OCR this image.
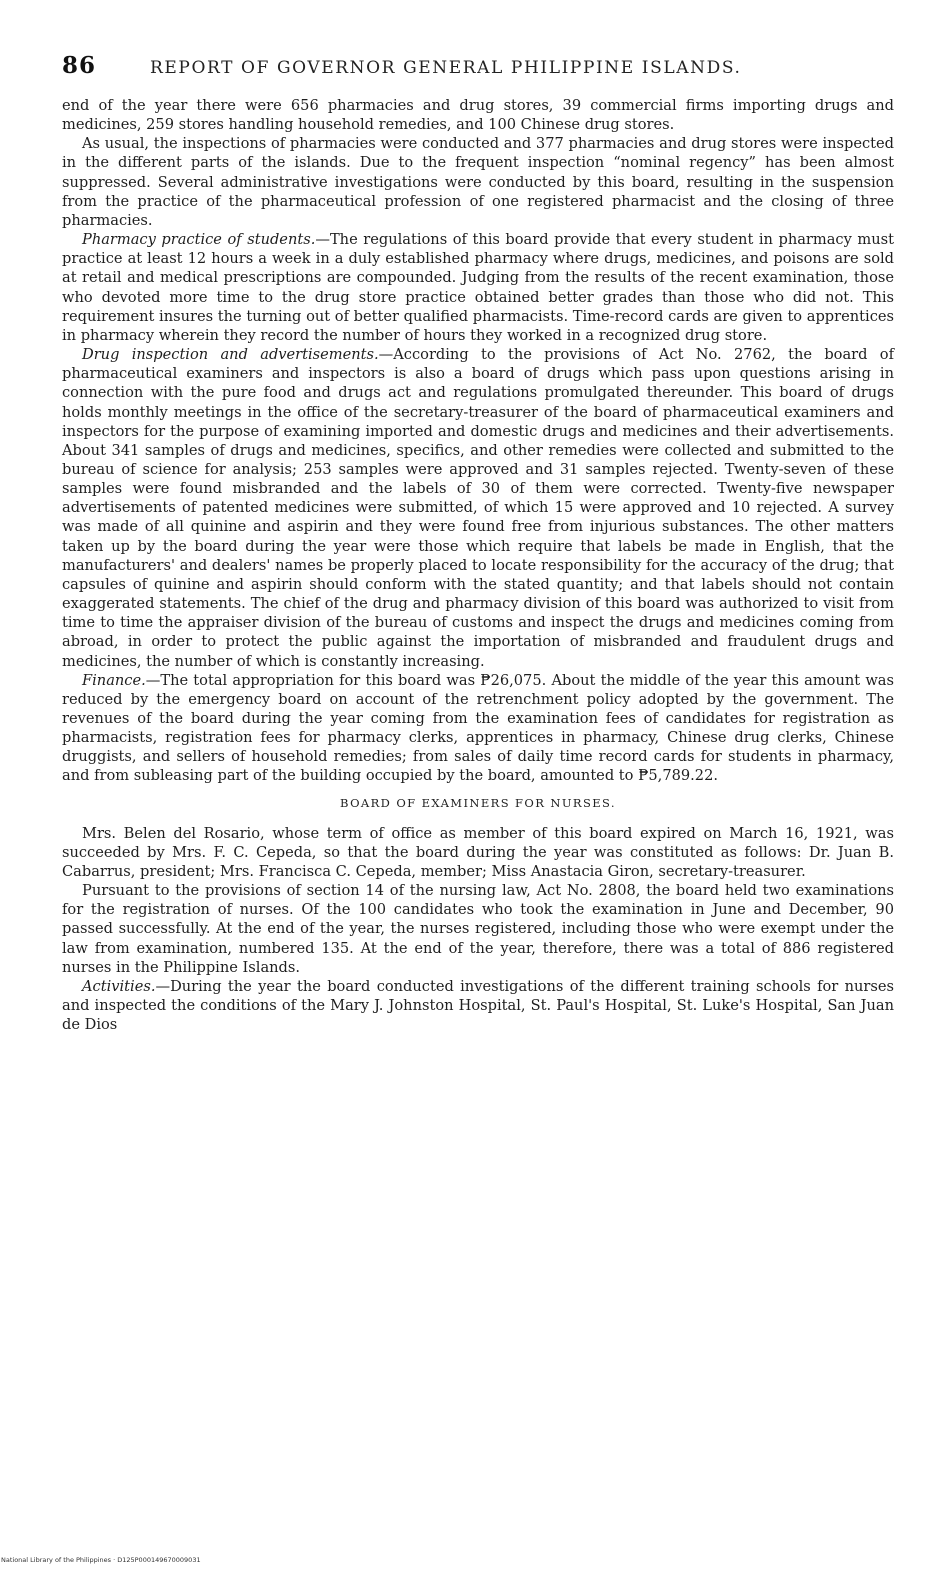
86	REPORT OF GOVERNOR GENERAL PHILIPPINE ISLANDS.

end of the year there were 656 pharmacies and drug stores, 39 commercial firms importing drugs and medicines, 259 stores handling household remedies, and 100 Chinese drug stores.

As usual, the inspections of pharmacies were conducted and 377 pharmacies and drug stores were inspected in the different parts of the islands. Due to the frequent inspection “nominal regency” has been almost suppressed. Several administrative investigations were conducted by this board, resulting in the suspension from the practice of the pharmaceutical profession of one registered pharmacist and the closing of three pharmacies.

Pharmacy practice of students.—The regulations of this board provide that every student in pharmacy must practice at least 12 hours a week in a duly established pharmacy where drugs, medicines, and poisons are sold at retail and medical prescriptions are compounded. Judging from the results of the recent examination, those who devoted more time to the drug store practice obtained better grades than those who did not. This requirement insures the turning out of better qualified pharmacists. Time-record cards are given to apprentices in pharmacy wherein they record the number of hours they worked in a recognized drug store.

Drug inspection and advertisements.—According to the provisions of Act No. 2762, the board of pharmaceutical examiners and inspectors is also a board of drugs which pass upon questions arising in connection with the pure food and drugs act and regulations promulgated thereunder. This board of drugs holds monthly meetings in the office of the secretary-treasurer of the board of pharmaceutical examiners and inspectors for the purpose of examining imported and domestic drugs and medicines and their advertisements. About 341 samples of drugs and medicines, specifics, and other remedies were collected and submitted to the bureau of science for analysis; 253 samples were approved and 31 samples rejected. Twenty-seven of these samples were found misbranded and the labels of 30 of them were corrected. Twenty-five newspaper advertisements of patented medicines were submitted, of which 15 were approved and 10 rejected. A survey was made of all quinine and aspirin and they were found free from injurious substances. The other matters taken up by the board during the year were those which require that labels be made in English, that the manufacturers' and dealers' names be properly placed to locate responsibility for the accuracy of the drug; that capsules of quinine and aspirin should conform with the stated quantity; and that labels should not contain exaggerated statements. The chief of the drug and pharmacy division of this board was authorized to visit from time to time the appraiser division of the bureau of customs and inspect the drugs and medicines coming from abroad, in order to protect the public against the importation of misbranded and fraudulent drugs and medicines, the number of which is constantly increasing.

Finance.—The total appropriation for this board was ₱26,075. About the middle of the year this amount was reduced by the emergency board on account of the retrenchment policy adopted by the government. The revenues of the board during the year coming from the examination fees of candidates for registration as pharmacists, registration fees for pharmacy clerks, apprentices in pharmacy, Chinese drug clerks, Chinese druggists, and sellers of household remedies; from sales of daily time record cards for students in pharmacy, and from subleasing part of the building occupied by the board, amounted to ₱5,789.22.

BOARD OF EXAMINERS FOR NURSES.

Mrs. Belen del Rosario, whose term of office as member of this board expired on March 16, 1921, was succeeded by Mrs. F. C. Cepeda, so that the board during the year was constituted as follows: Dr. Juan B. Cabarrus, president; Mrs. Francisca C. Cepeda, member; Miss Anastacia Giron, secretary-treasurer.

Pursuant to the provisions of section 14 of the nursing law, Act No. 2808, the board held two examinations for the registration of nurses. Of the 100 candidates who took the examination in June and December, 90 passed successfully. At the end of the year, the nurses registered, including those who were exempt under the law from examination, numbered 135. At the end of the year, therefore, there was a total of 886 registered nurses in the Philippine Islands.

Activities.—During the year the board conducted investigations of the different training schools for nurses and inspected the conditions of the Mary J. Johnston Hospital, St. Paul's Hospital, St. Luke's Hospital, San Juan de Dios

National Library of the Philippines · D125P000149670009031
